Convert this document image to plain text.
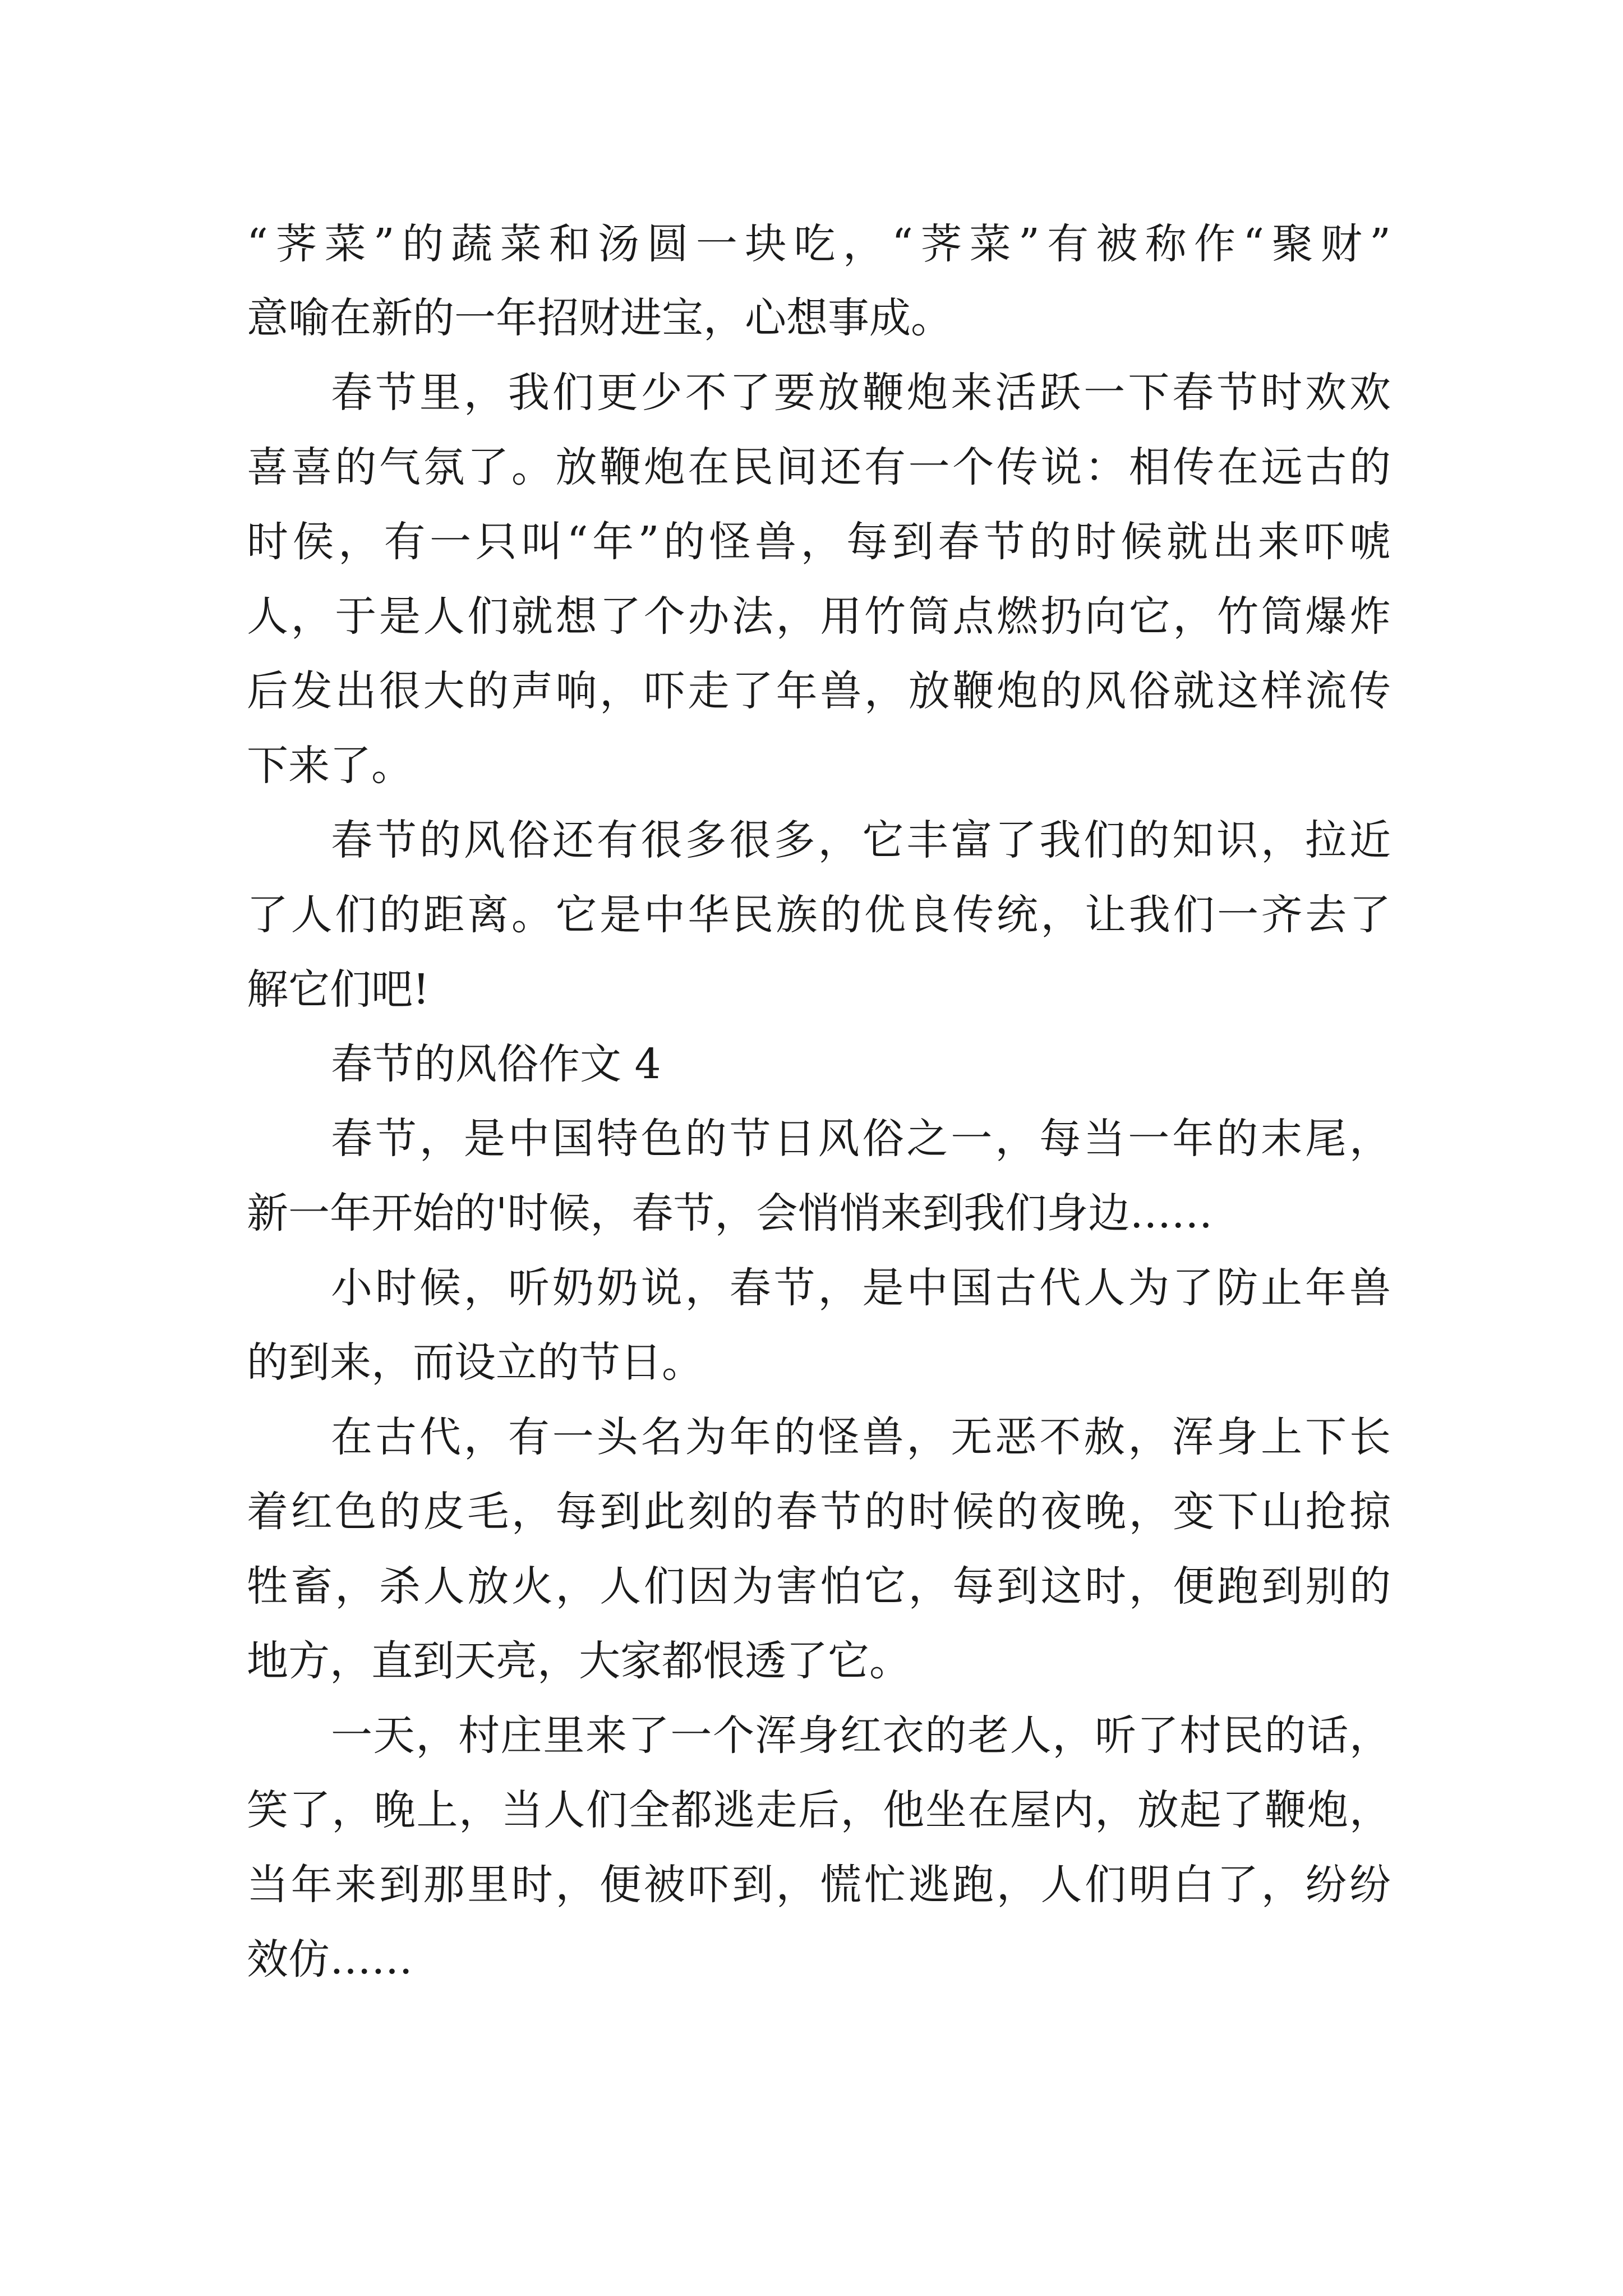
“荠菜”的蔬菜和汤圆一块吃，“荠菜”有被称作“聚财”
意喻在新的一年招财进宝，心想事成。
春节里，我们更少不了要放鞭炮来活跃一下春节时欢欢
喜喜的气氛了。放鞭炮在民间还有一个传说：相传在远古的
时侯，有一只叫“年”的怪兽，每到春节的时候就出来吓唬
人，于是人们就想了个办法，用竹筒点燃扔向它，竹筒爆炸
后发出很大的声响，吓走了年兽，放鞭炮的风俗就这样流传
下来了。
春节的风俗还有很多很多，它丰富了我们的知识，拉近
了人们的距离。它是中华民族的优良传统，让我们一齐去了
解它们吧!
春节的风俗作文 4
春节，是中国特色的节日风俗之一，每当一年的末尾，
新一年开始的'时候，春节，会悄悄来到我们身边……
小时候，听奶奶说，春节，是中国古代人为了防止年兽
的到来，而设立的节日。
在古代，有一头名为年的怪兽，无恶不赦，浑身上下长
着红色的皮毛，每到此刻的春节的时候的夜晚，变下山抢掠
牲畜，杀人放火，人们因为害怕它，每到这时，便跑到别的
地方，直到天亮，大家都恨透了它。
一天，村庄里来了一个浑身红衣的老人，听了村民的话，
笑了，晚上，当人们全都逃走后，他坐在屋内，放起了鞭炮，
当年来到那里时，便被吓到，慌忙逃跑，人们明白了，纷纷
效仿……
